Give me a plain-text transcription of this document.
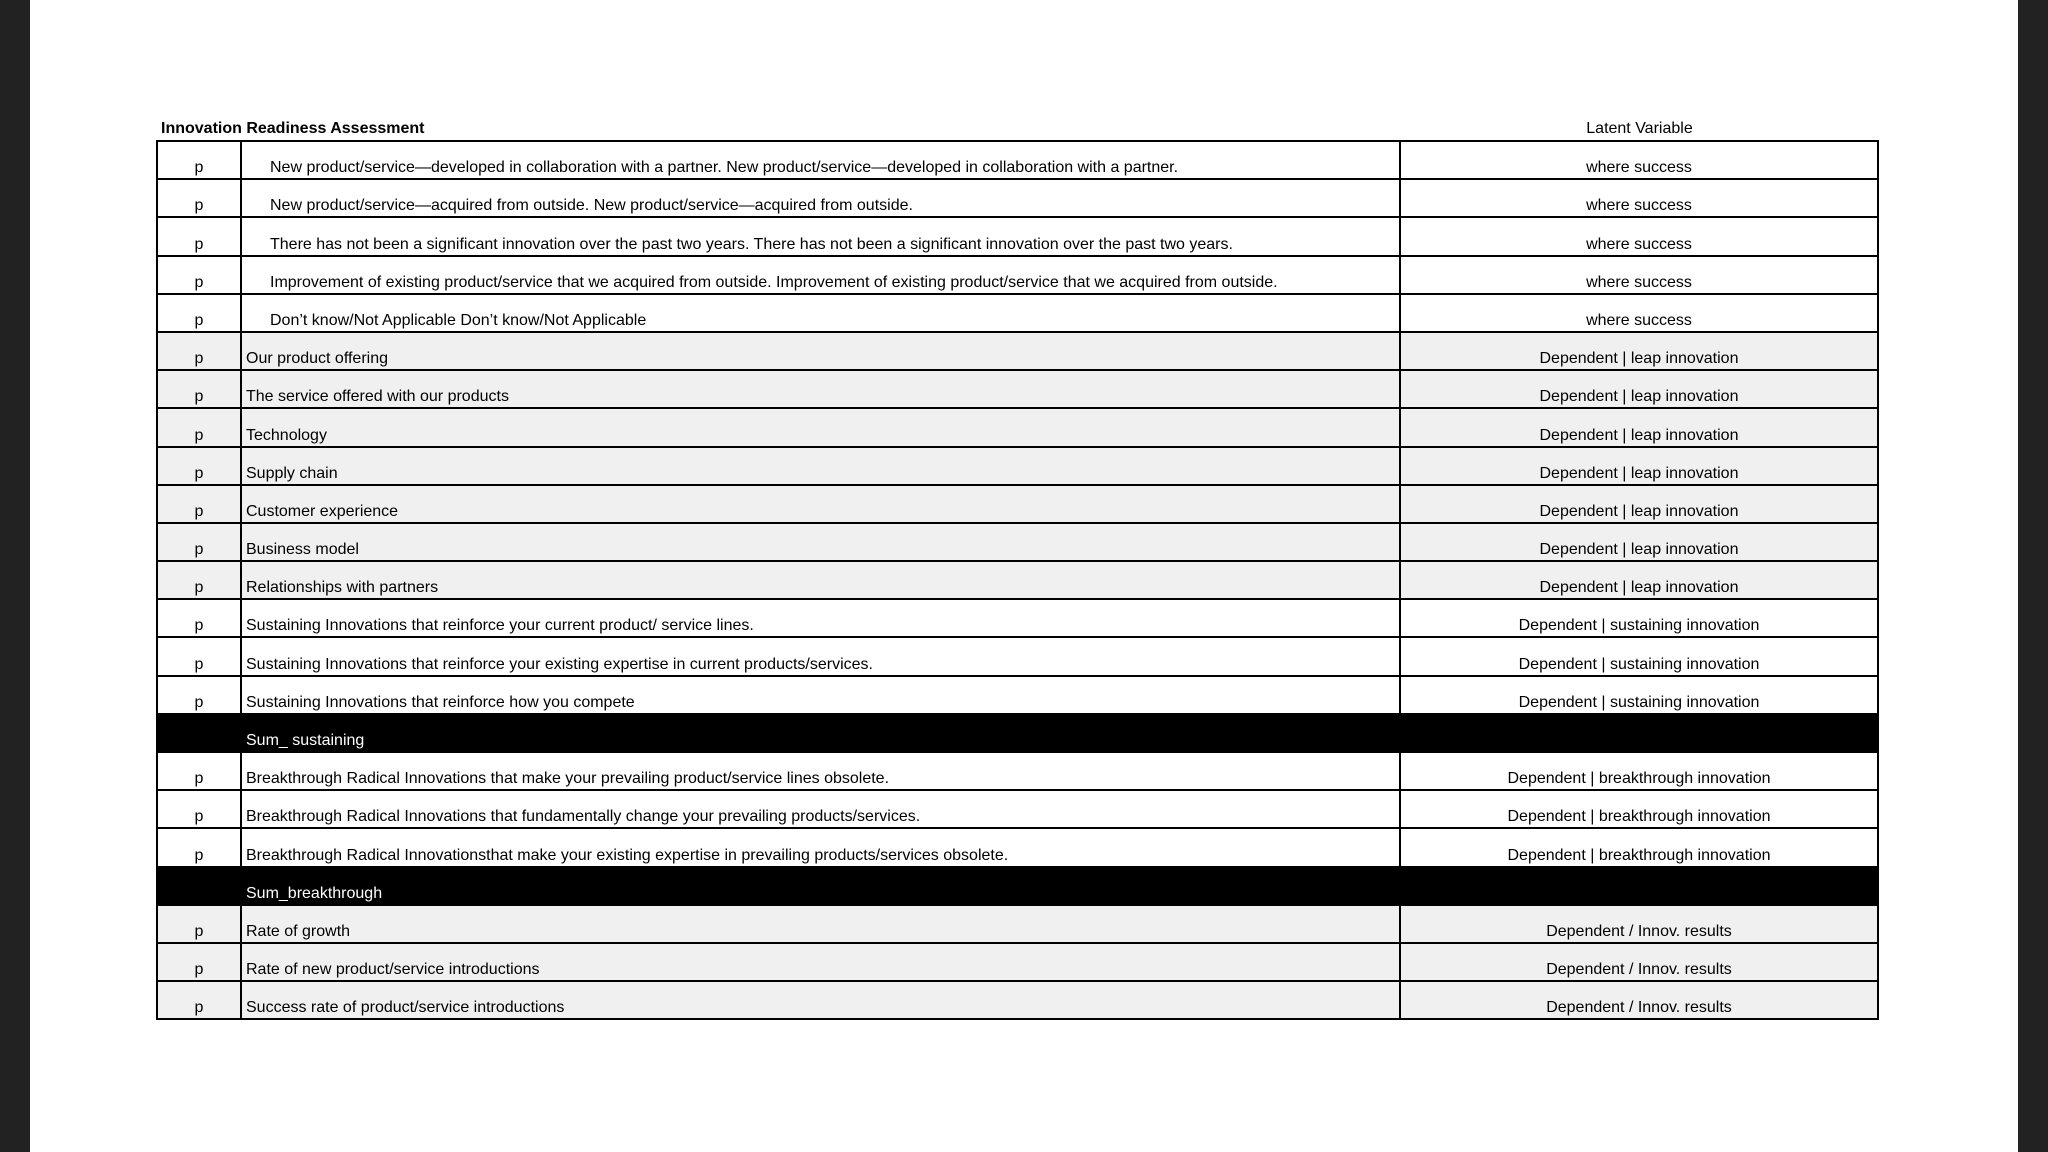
Innovation Readiness Assessment	Latent Variable
p	New product/service—developed in collaboration with a partner. New product/service—developed in collaboration with a partner.	where success
p	New product/service—acquired from outside. New product/service—acquired from outside.	where success
p	There has not been a significant innovation over the past two years. There has not been a significant innovation over the past two years.	where success
p	Improvement of existing product/service that we acquired from outside. Improvement of existing product/service that we acquired from outside.	where success
p	Don’t know/Not Applicable Don’t know/Not Applicable	where success
p	Our product offering	Dependent | leap innovation
p	The service offered with our products	Dependent | leap innovation
p	Technology	Dependent | leap innovation
p	Supply chain	Dependent | leap innovation
p	Customer experience	Dependent | leap innovation
p	Business model	Dependent | leap innovation
p	Relationships with partners	Dependent | leap innovation
p	Sustaining Innovations that reinforce your current product/ service lines.	Dependent | sustaining innovation
p	Sustaining Innovations that reinforce your existing expertise in current products/services.	Dependent | sustaining innovation
p	Sustaining Innovations that reinforce how you compete	Dependent | sustaining innovation
Sum_ sustaining
p	Breakthrough Radical Innovations that make your prevailing product/service lines obsolete.	Dependent | breakthrough innovation
p	Breakthrough Radical Innovations that fundamentally change your prevailing products/services.	Dependent | breakthrough innovation
p	Breakthrough Radical Innovationsthat make your existing expertise in prevailing products/services obsolete.	Dependent | breakthrough innovation
Sum_breakthrough
p	Rate of growth	Dependent / Innov. results
p	Rate of new product/service introductions	Dependent / Innov. results
p	Success rate of product/service introductions	Dependent / Innov. results
